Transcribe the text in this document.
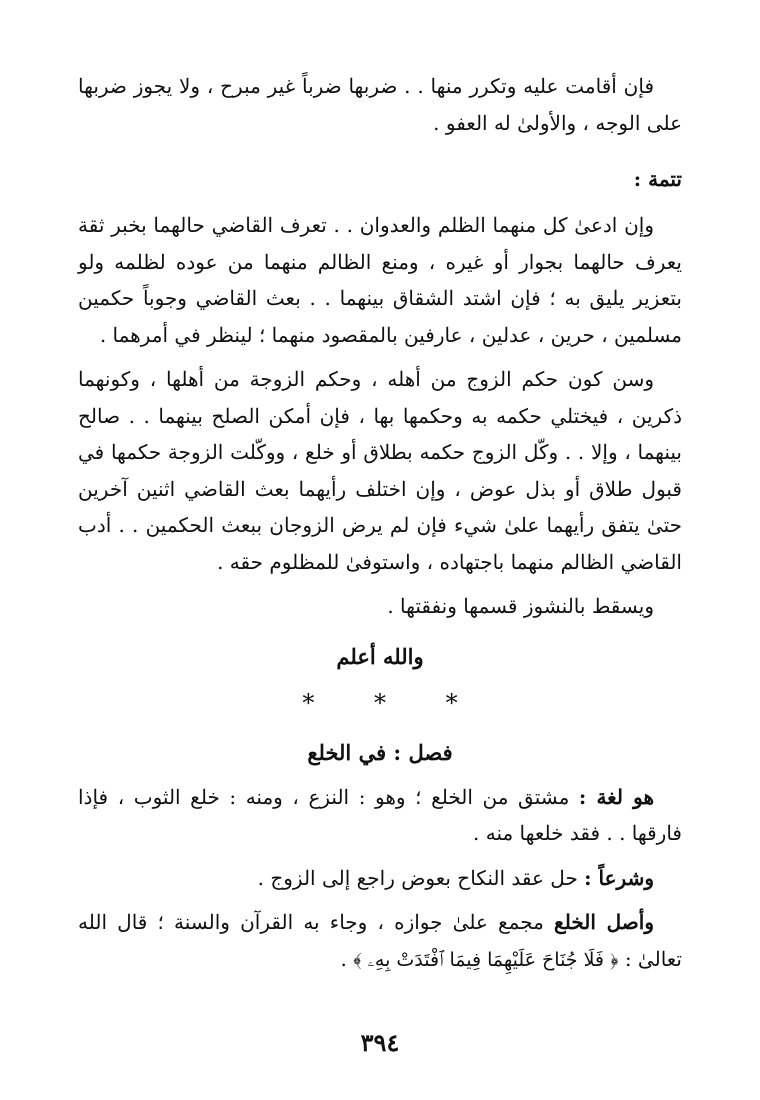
فإن أقامت عليه وتكرر منها . . ضربها ضرباً غير مبرح ، ولا يجوز ضربها على الوجه ، والأولىٰ له العفو .

تتمة :

وإن ادعىٰ كل منهما الظلم والعدوان . . تعرف القاضي حالهما بخبر ثقة يعرف حالهما بجوار أو غيره ، ومنع الظالم منهما من عوده لظلمه ولو بتعزير يليق به ؛ فإن اشتد الشقاق بينهما . . بعث القاضي وجوباً حكمين مسلمين ، حرين ، عدلين ، عارفين بالمقصود منهما ؛ لينظر في أمرهما .

وسن كون حكم الزوج من أهله ، وحكم الزوجة من أهلها ، وكونهما ذكرين ، فيختلي حكمه به وحكمها بها ، فإن أمكن الصلح بينهما . . صالح بينهما ، وإلا . . وكّل الزوج حكمه بطلاق أو خلع ، ووكّلت الزوجة حكمها في قبول طلاق أو بذل عوض ، وإن اختلف رأيهما بعث القاضي اثنين آخرين حتىٰ يتفق رأيهما علىٰ شيء فإن لم يرض الزوجان ببعث الحكمين . . أدب القاضي الظالم منهما باجتهاده ، واستوفىٰ للمظلوم حقه .

ويسقط بالنشوز قسمها ونفقتها .

والله أعلم
* * *
فصل : في الخلع

هو لغة : مشتق من الخلع ؛ وهو : النزع ، ومنه : خلع الثوب ، فإذا فارقها . . فقد خلعها منه .

وشرعاً : حل عقد النكاح بعوض راجع إلى الزوج .

وأصل الخلع مجمع علىٰ جوازه ، وجاء به القرآن والسنة ؛ قال الله تعالىٰ : ﴿ فَلَا جُنَاحَ عَلَيْهِمَا فِيمَا ٱفْتَدَتْ بِهِۦ ﴾ .

٣٩٤
